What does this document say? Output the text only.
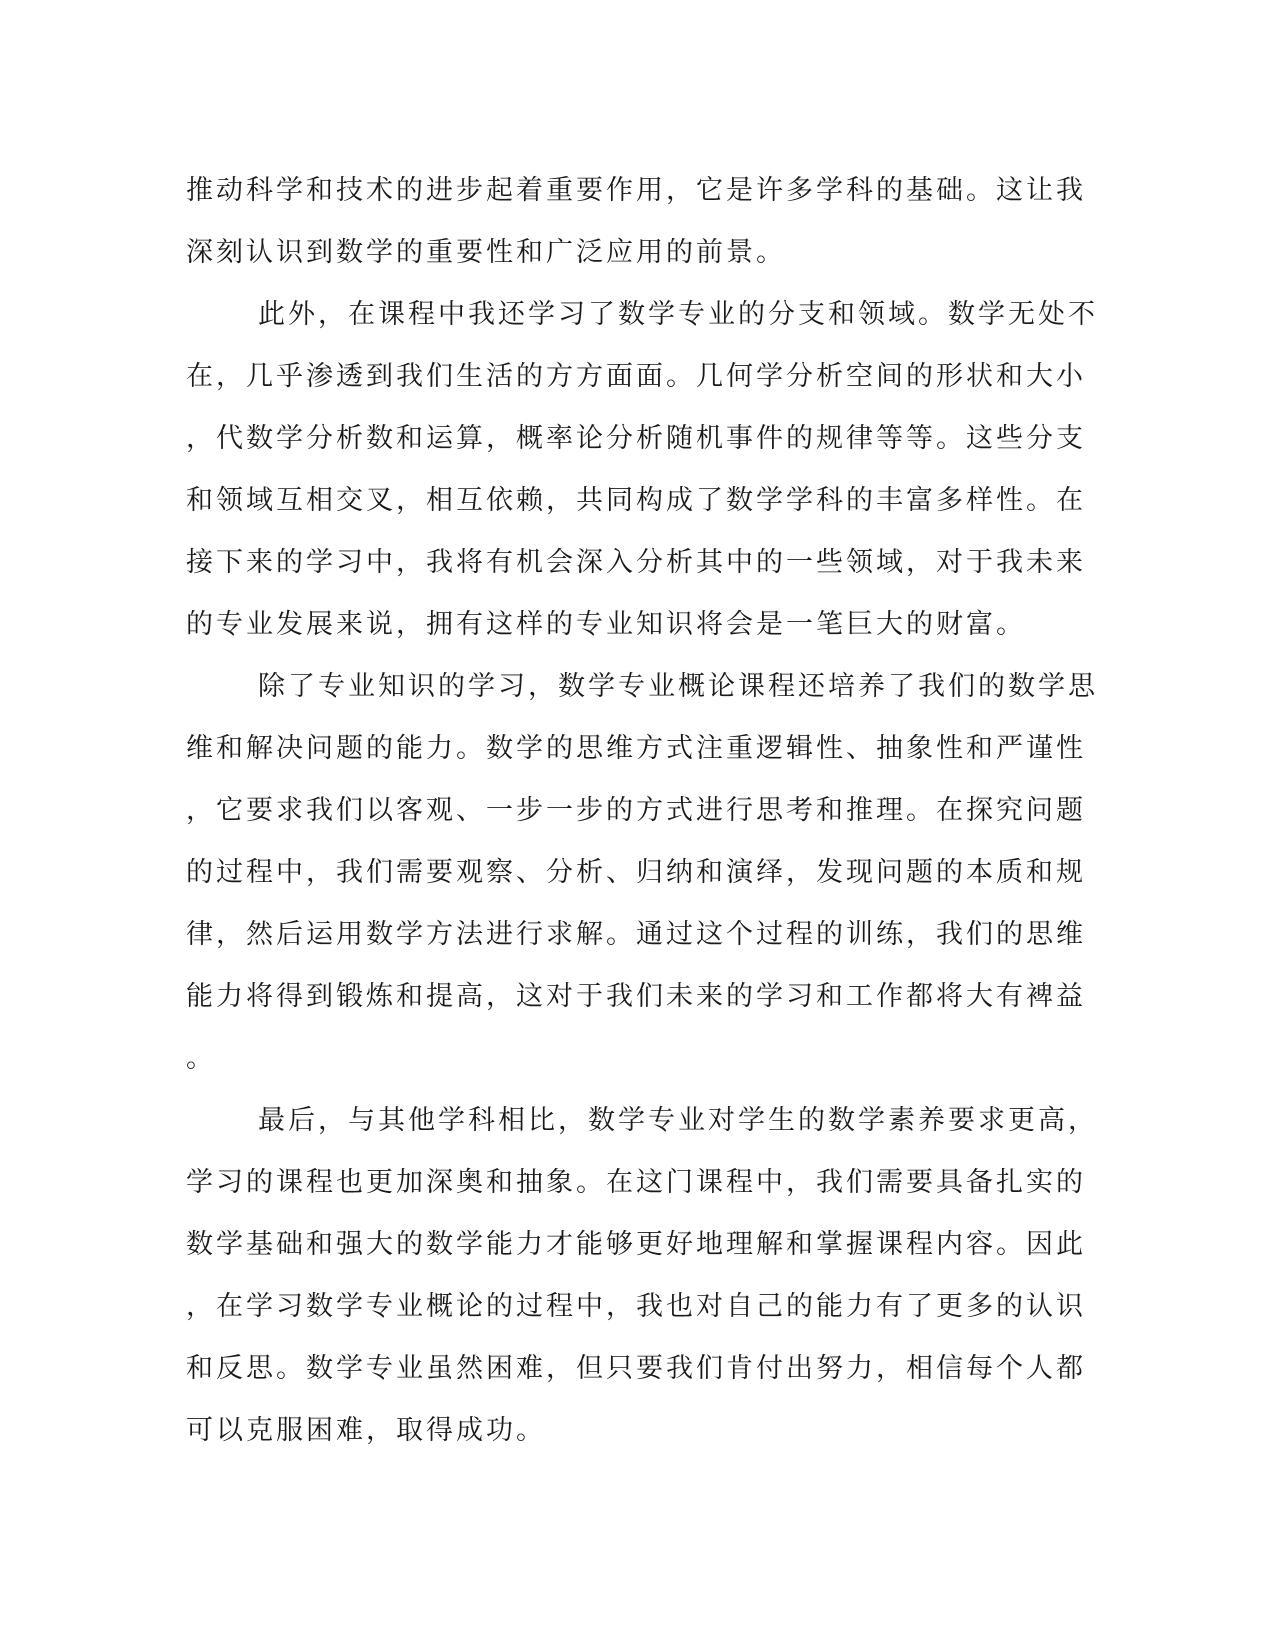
推动科学和技术的进步起着重要作用，它是许多学科的基础。这让我
深刻认识到数学的重要性和广泛应用的前景。
此外，在课程中我还学习了数学专业的分支和领域。数学无处不
在，几乎渗透到我们生活的方方面面。几何学分析空间的形状和大小
，代数学分析数和运算，概率论分析随机事件的规律等等。这些分支
和领域互相交叉，相互依赖，共同构成了数学学科的丰富多样性。在
接下来的学习中，我将有机会深入分析其中的一些领域，对于我未来
的专业发展来说，拥有这样的专业知识将会是一笔巨大的财富。
除了专业知识的学习，数学专业概论课程还培养了我们的数学思
维和解决问题的能力。数学的思维方式注重逻辑性、抽象性和严谨性
，它要求我们以客观、一步一步的方式进行思考和推理。在探究问题
的过程中，我们需要观察、分析、归纳和演绎，发现问题的本质和规
律，然后运用数学方法进行求解。通过这个过程的训练，我们的思维
能力将得到锻炼和提高，这对于我们未来的学习和工作都将大有裨益
。
最后，与其他学科相比，数学专业对学生的数学素养要求更高，
学习的课程也更加深奥和抽象。在这门课程中，我们需要具备扎实的
数学基础和强大的数学能力才能够更好地理解和掌握课程内容。因此
，在学习数学专业概论的过程中，我也对自己的能力有了更多的认识
和反思。数学专业虽然困难，但只要我们肯付出努力，相信每个人都
可以克服困难，取得成功。
